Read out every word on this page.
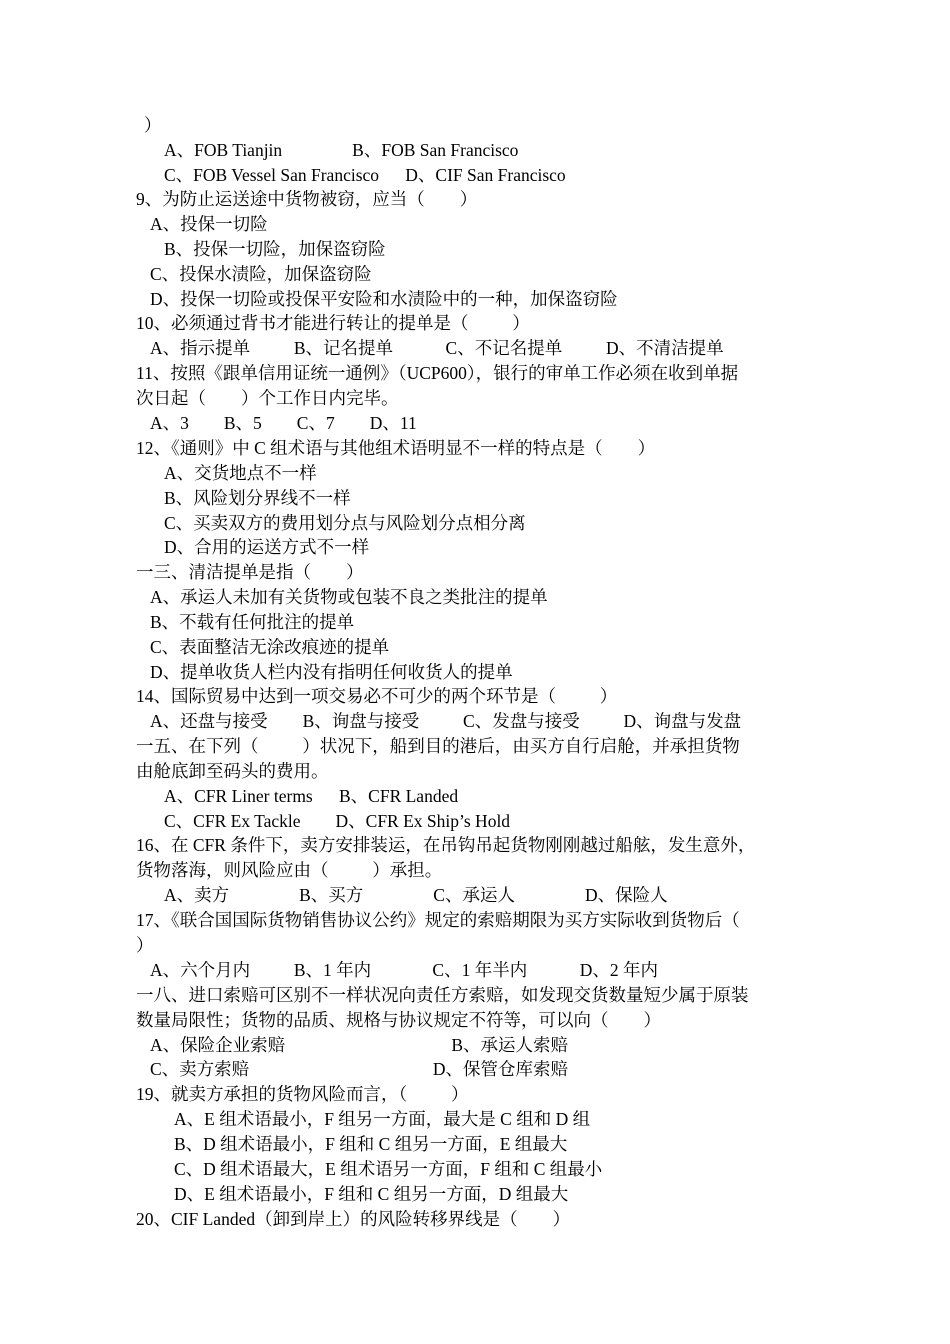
）
A、FOB Tianjin                B、FOB San Francisco
C、FOB Vessel San Francisco      D、CIF San Francisco
9、为防止运送途中货物被窃，应当（        ）
A、投保一切险
B、投保一切险，加保盗窃险
C、投保水渍险，加保盗窃险
D、投保一切险或投保平安险和水渍险中的一种，加保盗窃险
10、必须通过背书才能进行转让的提单是（          ）
A、指示提单          B、记名提单            C、不记名提单          D、不清洁提单
11、按照《跟单信用证统一通例》（UCP600），银行的审单工作必须在收到单据
次日起（        ）个工作日内完毕。
A、3        B、5        C、7        D、11
12、《通则》中 C 组术语与其他组术语明显不一样的特点是（        ）
A、交货地点不一样
B、风险划分界线不一样
C、买卖双方的费用划分点与风险划分点相分离
D、合用的运送方式不一样
一三、清洁提单是指（        ）
A、承运人未加有关货物或包装不良之类批注的提单
B、不载有任何批注的提单
C、表面整洁无涂改痕迹的提单
D、提单收货人栏内没有指明任何收货人的提单
14、国际贸易中达到一项交易必不可少的两个环节是（          ）
A、还盘与接受        B、询盘与接受          C、发盘与接受          D、询盘与发盘
一五、在下列（          ）状况下，船到目的港后，由买方自行启舱，并承担货物
由舱底卸至码头的费用。
A、CFR Liner terms      B、CFR Landed
C、CFR Ex Tackle        D、CFR Ex Ship’s Hold
16、在 CFR 条件下，卖方安排装运，在吊钩吊起货物刚刚越过船舷，发生意外，
货物落海，则风险应由（          ）承担。
A、卖方                B、买方                C、承运人                D、保险人
17、《联合国国际货物销售协议公约》规定的索赔期限为买方实际收到货物后（
）
A、六个月内          B、1 年内              C、1 年半内            D、2 年内
一八、进口索赔可区别不一样状况向责任方索赔，如发现交货数量短少属于原装
数量局限性；货物的品质、规格与协议规定不符等，可以向（        ）
A、保险企业索赔                                      B、承运人索赔
C、卖方索赔                                          D、保管仓库索赔
19、就卖方承担的货物风险而言，（          ）
A、E 组术语最小，F 组另一方面，最大是 C 组和 D 组
B、D 组术语最小，F 组和 C 组另一方面，E 组最大
C、D 组术语最大，E 组术语另一方面，F 组和 C 组最小
D、E 组术语最小，F 组和 C 组另一方面，D 组最大
20、CIF Landed（卸到岸上）的风险转移界线是（        ）
